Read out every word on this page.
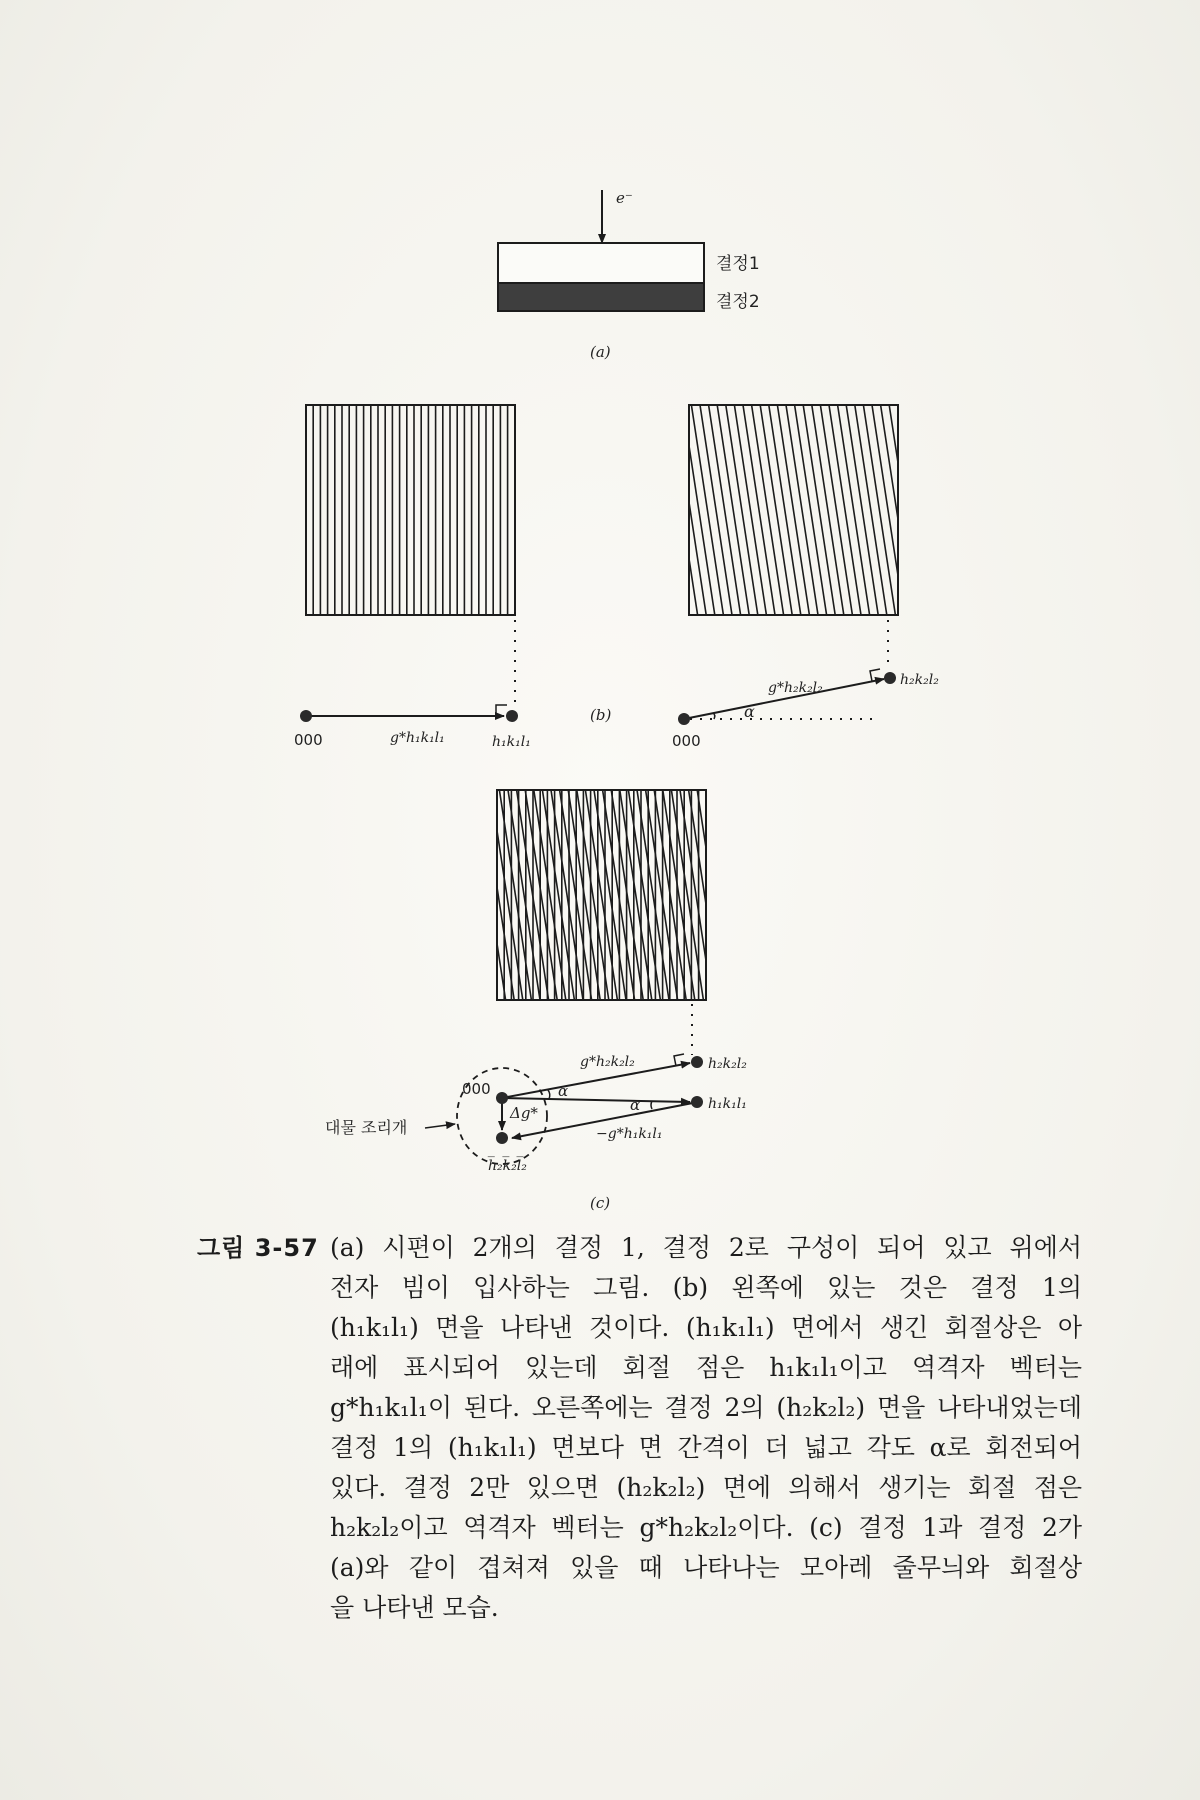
e⁻
결정1
결정2
(a)
000	g*h₁k₁l₁	h₁k₁l₁
(b)
000
g*h₂k₂l₂
α
h₂k₂l₂
000
g*h₂k₂l₂
α
α
−g*h₁k₁l₁
Δg*
h₂k₂l₂
h₁k₁l₁
h̅₂k̅₂l̅₂
대물 조리개
(c)
그림 3-57 (a) 시편이 2개의 결정 1, 결정 2로 구성이 되어 있고 위에서
전자 빔이 입사하는 그림. (b) 왼쪽에 있는 것은 결정 1의
(h₁k₁l₁) 면을 나타낸 것이다. (h₁k₁l₁) 면에서 생긴 회절상은 아
래에 표시되어 있는데 회절 점은 h₁k₁l₁이고 역격자 벡터는
g*h₁k₁l₁이 된다. 오른쪽에는 결정 2의 (h₂k₂l₂) 면을 나타내었는데
결정 1의 (h₁k₁l₁) 면보다 면 간격이 더 넓고 각도 α로 회전되어
있다. 결정 2만 있으면 (h₂k₂l₂) 면에 의해서 생기는 회절 점은
h₂k₂l₂이고 역격자 벡터는 g*h₂k₂l₂이다. (c) 결정 1과 결정 2가
(a)와 같이 겹쳐져 있을 때 나타나는 모아레 줄무늬와 회절상
을 나타낸 모습.
